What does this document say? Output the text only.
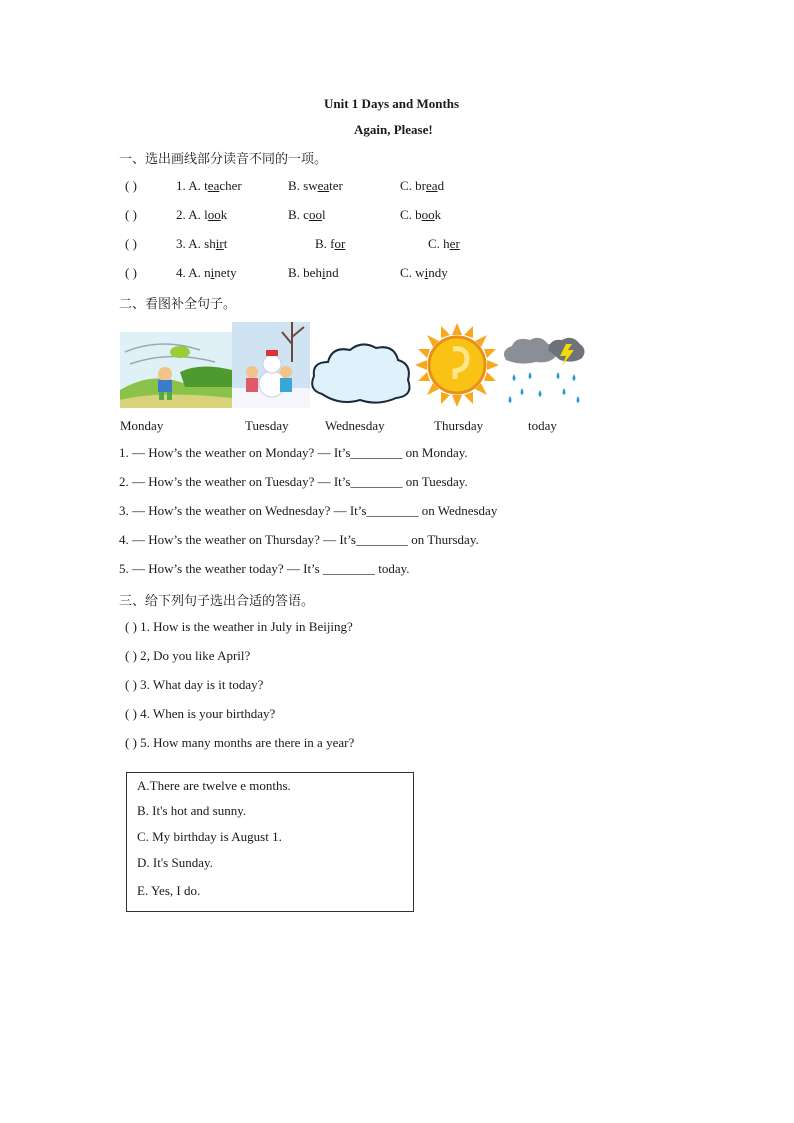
Unit 1 Days and Months
Again, Please!
一、选出画线部分读音不同的一项。
( )	1. A. teacher	B. sweater	C. bread
( )	2. A. look	B. cool	C. book
( )	3. A. shirt	B. for	C. her
( )	4. A. ninety	B. behind	C. windy
二、看图补全句子。
Monday	Tuesday	Wednesday	Thursday	today
1. — How’s the weather on Monday? — It’s________ on Monday.
2. — How’s the weather on Tuesday? — It’s________ on Tuesday.
3. — How’s the weather on Wednesday? — It’s________ on Wednesday
4. — How’s the weather on Thursday? — It’s________ on Thursday.
5. — How’s the weather today? — It’s ________ today.
三、给下列句子选出合适的答语。
( ) 1. How is the weather in July in Beijing?
( ) 2, Do you like April?
( ) 3. What day is it today?
( ) 4. When is your birthday?
( ) 5. How many months are there in a year?
A.There are twelve e months.
B. It's hot and sunny.
C. My birthday is August 1.
D. It's Sunday.
E. Yes, I do.
